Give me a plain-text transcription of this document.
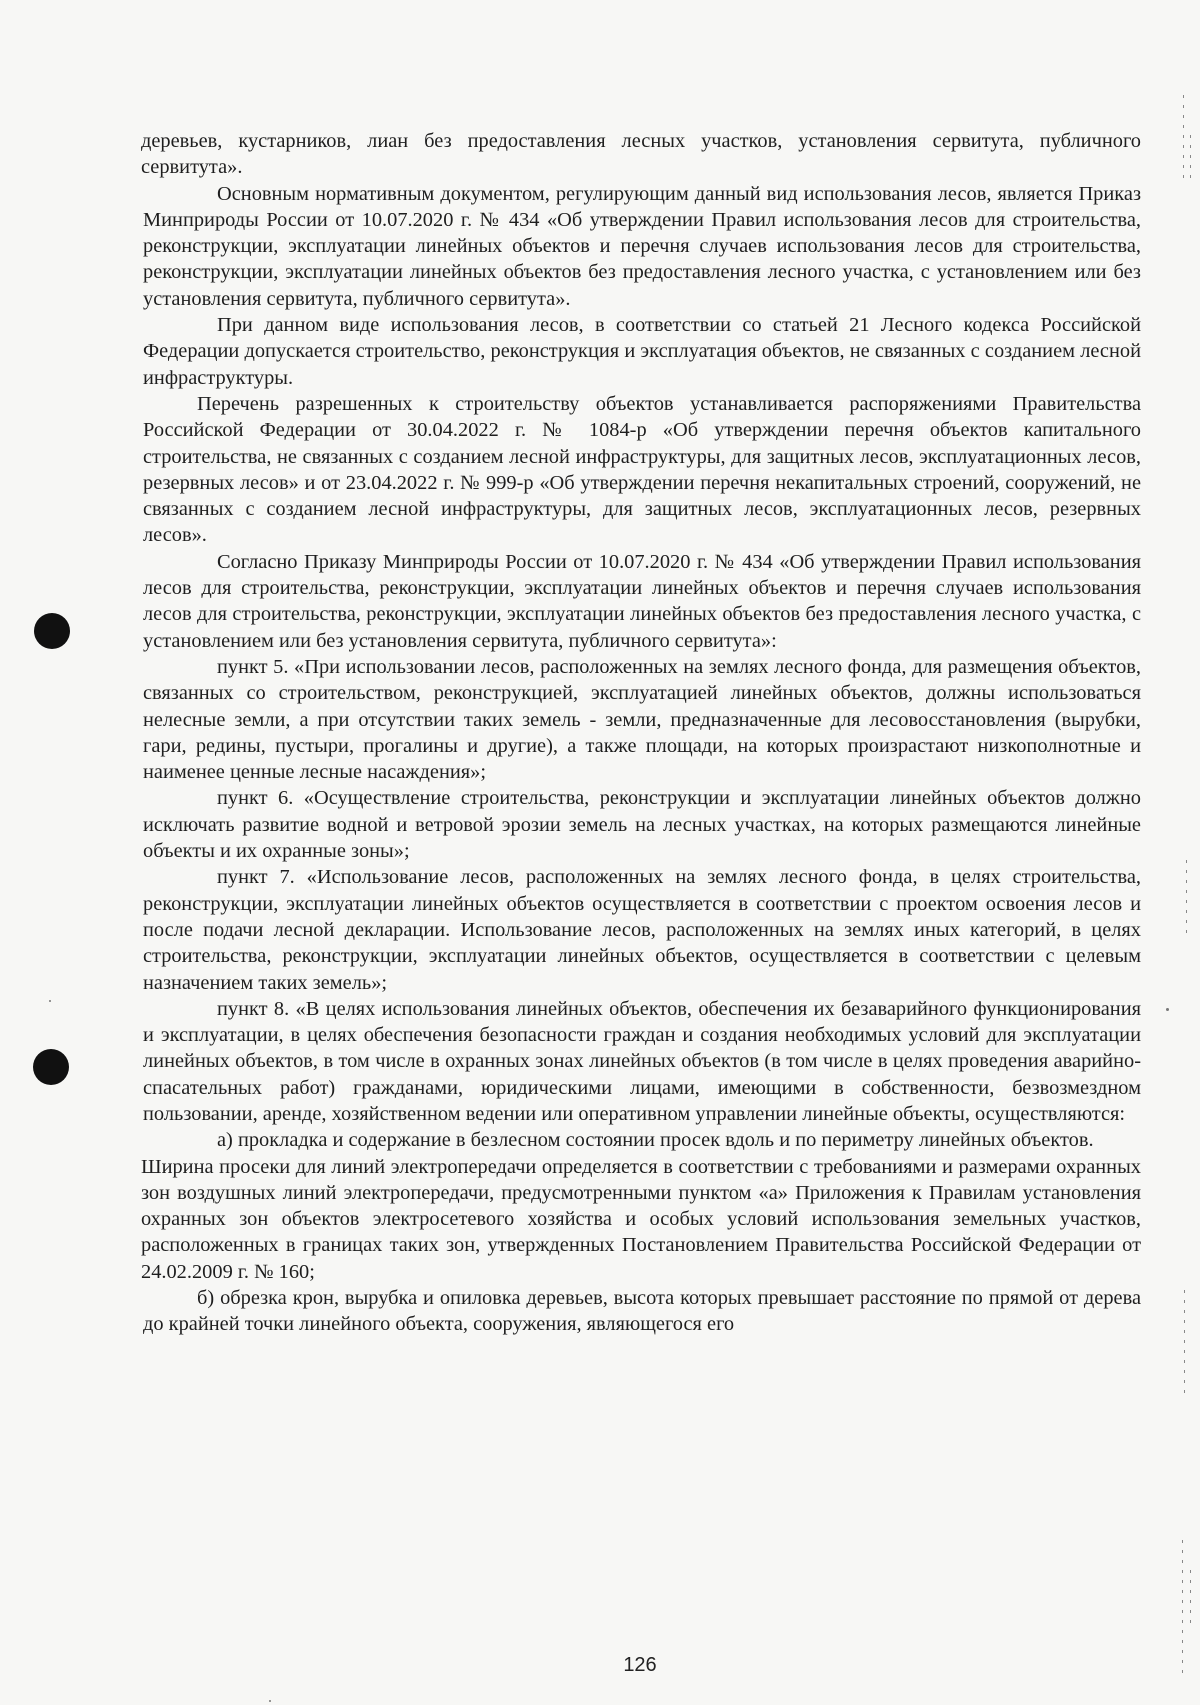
деревьев, кустарников, лиан без предоставления лесных участков, установления сервитута, публичного сервитута».

Основным нормативным документом, регулирующим данный вид использования лесов, является Приказ Минприроды России от 10.07.2020 г. № 434 «Об утверждении Правил использования лесов для строительства, реконструкции, эксплуатации линейных объектов и перечня случаев использования лесов для строительства, реконструкции, эксплуатации линейных объектов без предоставления лесного участка, с установлением или без установления сервитута, публичного сервитута».

При данном виде использования лесов, в соответствии со статьей 21 Лесного кодекса Российской Федерации допускается строительство, реконструкция и эксплуатация объектов, не связанных с созданием лесной инфраструктуры.

Перечень разрешенных к строительству объектов устанавливается распоряжениями Правительства Российской Федерации от 30.04.2022 г. № 1084-р «Об утверждении перечня объектов капитального строительства, не связанных с созданием лесной инфраструктуры, для защитных лесов, эксплуатационных лесов, резервных лесов» и от 23.04.2022 г. № 999-р «Об утверждении перечня некапитальных строений, сооружений, не связанных с созданием лесной инфраструктуры, для защитных лесов, эксплуатационных лесов, резервных лесов».

Согласно Приказу Минприроды России от 10.07.2020 г. № 434 «Об утверждении Правил использования лесов для строительства, реконструкции, эксплуатации линейных объектов и перечня случаев использования лесов для строительства, реконструкции, эксплуатации линейных объектов без предоставления лесного участка, с установлением или без установления сервитута, публичного сервитута»:

пункт 5. «При использовании лесов, расположенных на землях лесного фонда, для размещения объектов, связанных со строительством, реконструкцией, эксплуатацией линейных объектов, должны использоваться нелесные земли, а при отсутствии таких земель - земли, предназначенные для лесовосстановления (вырубки, гари, редины, пустыри, прогалины и другие), а также площади, на которых произрастают низкополнотные и наименее ценные лесные насаждения»;

пункт 6. «Осуществление строительства, реконструкции и эксплуатации линейных объектов должно исключать развитие водной и ветровой эрозии земель на лесных участках, на которых размещаются линейные объекты и их охранные зоны»;

пункт 7. «Использование лесов, расположенных на землях лесного фонда, в целях строительства, реконструкции, эксплуатации линейных объектов осуществляется в соответствии с проектом освоения лесов и после подачи лесной декларации. Использование лесов, расположенных на землях иных категорий, в целях строительства, реконструкции, эксплуатации линейных объектов, осуществляется в соответствии с целевым назначением таких земель»;

пункт 8. «В целях использования линейных объектов, обеспечения их безаварийного функционирования и эксплуатации, в целях обеспечения безопасности граждан и создания необходимых условий для эксплуатации линейных объектов, в том числе в охранных зонах линейных объектов (в том числе в целях проведения аварийно-спасательных работ) гражданами, юридическими лицами, имеющими в собственности, безвозмездном пользовании, аренде, хозяйственном ведении или оперативном управлении линейные объекты, осуществляются:

а) прокладка и содержание в безлесном состоянии просек вдоль и по периметру линейных объектов.

Ширина просеки для линий электропередачи определяется в соответствии с требованиями и размерами охранных зон воздушных линий электропередачи, предусмотренными пунктом «а» Приложения к Правилам установления охранных зон объектов электросетевого хозяйства и особых условий использования земельных участков, расположенных в границах таких зон, утвержденных Постановлением Правительства Российской Федерации от 24.02.2009 г. № 160;

б) обрезка крон, вырубка и опиловка деревьев, высота которых превышает расстояние по прямой от дерева до крайней точки линейного объекта, сооружения, являющегося его

126
